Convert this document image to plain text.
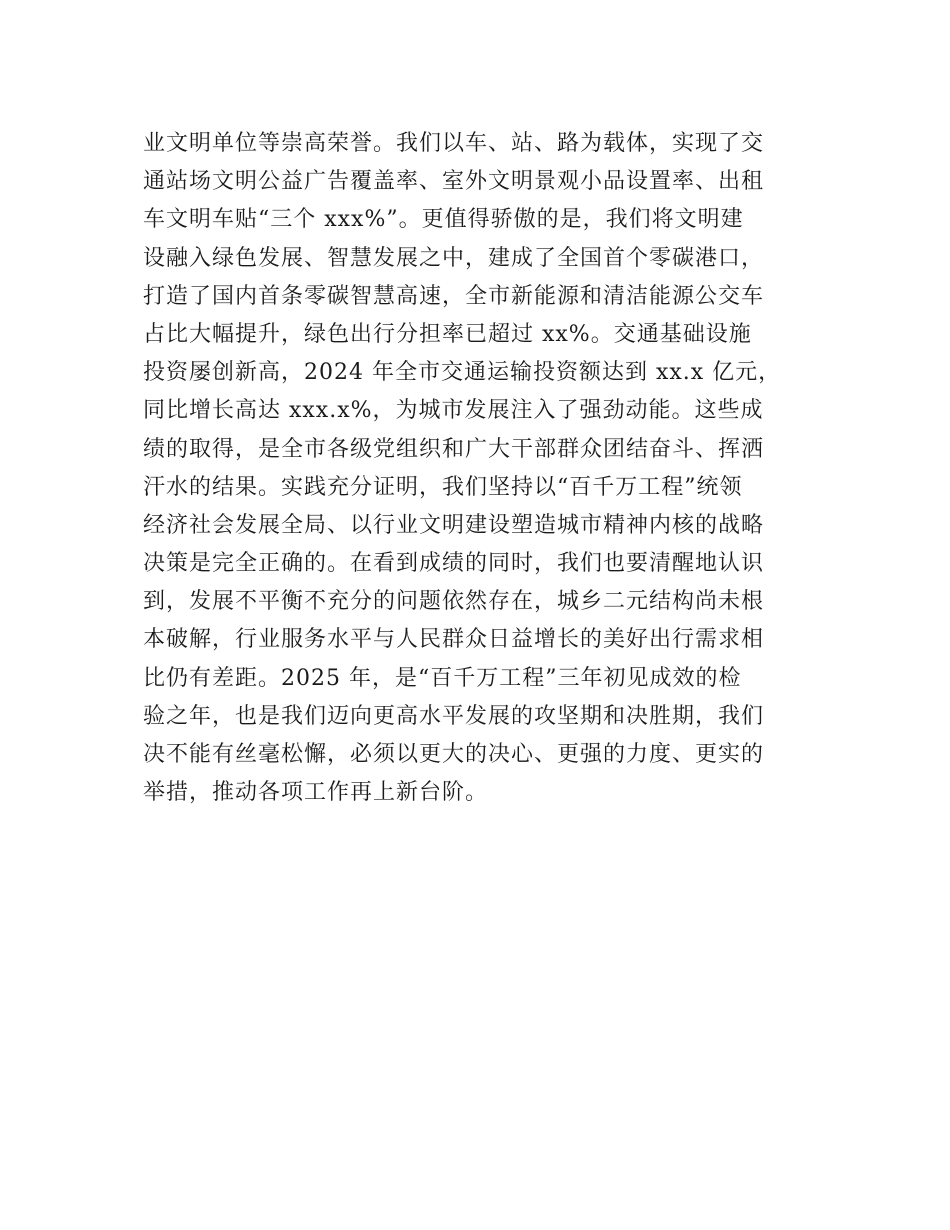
业文明单位等崇高荣誉。我们以车、站、路为载体，实现了交
通站场文明公益广告覆盖率、室外文明景观小品设置率、出租
车文明车贴“三个 xxx%”。更值得骄傲的是，我们将文明建
设融入绿色发展、智慧发展之中，建成了全国首个零碳港口，
打造了国内首条零碳智慧高速，全市新能源和清洁能源公交车
占比大幅提升，绿色出行分担率已超过 xx%。交通基础设施
投资屡创新高，2024 年全市交通运输投资额达到 xx.x 亿元，
同比增长高达 xxx.x%，为城市发展注入了强劲动能。这些成
绩的取得，是全市各级党组织和广大干部群众团结奋斗、挥洒
汗水的结果。实践充分证明，我们坚持以“百千万工程”统领
经济社会发展全局、以行业文明建设塑造城市精神内核的战略
决策是完全正确的。在看到成绩的同时，我们也要清醒地认识
到，发展不平衡不充分的问题依然存在，城乡二元结构尚未根
本破解，行业服务水平与人民群众日益增长的美好出行需求相
比仍有差距。2025 年，是“百千万工程”三年初见成效的检
验之年，也是我们迈向更高水平发展的攻坚期和决胜期，我们
决不能有丝毫松懈，必须以更大的决心、更强的力度、更实的
举措，推动各项工作再上新台阶。
